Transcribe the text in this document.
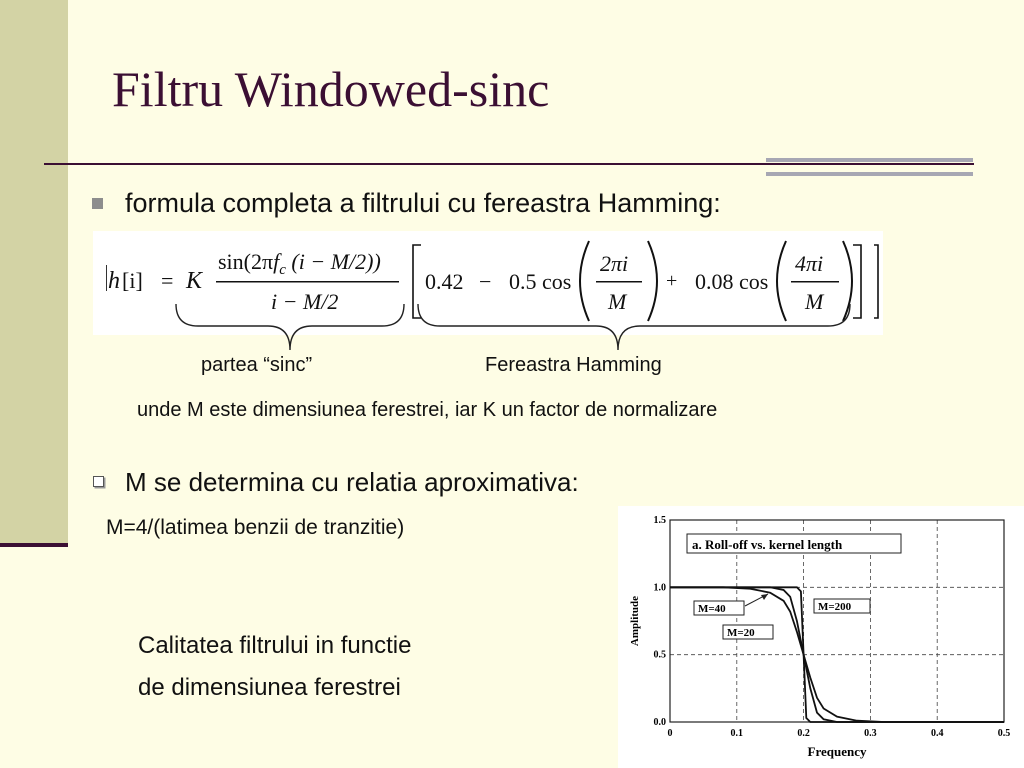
Filtru Windowed-sinc
formula completa a filtrului cu fereastra Hamming:
h [i] = K
$\sin(2\pi f_c$ (i − M/2))
i − M/2
0.42 − 0.5 cos
2πi
M
+ 0.08 cos
4πi
M
partea “sinc”	Fereastra Hamming
unde M este dimensiunea ferestrei, iar K un factor de normalizare
M se determina cu relatia aproximativa:
M=4/(latimea benzii de tranzitie)
Calitatea filtrului in functie
de dimensiunea ferestrei
0.0
0.5
1.0
1.5
0	0.1	0.2	0.3	0.4	0.5
Amplitude
Frequency
a. Roll-off vs. kernel length
M=40
M=20
M=200
